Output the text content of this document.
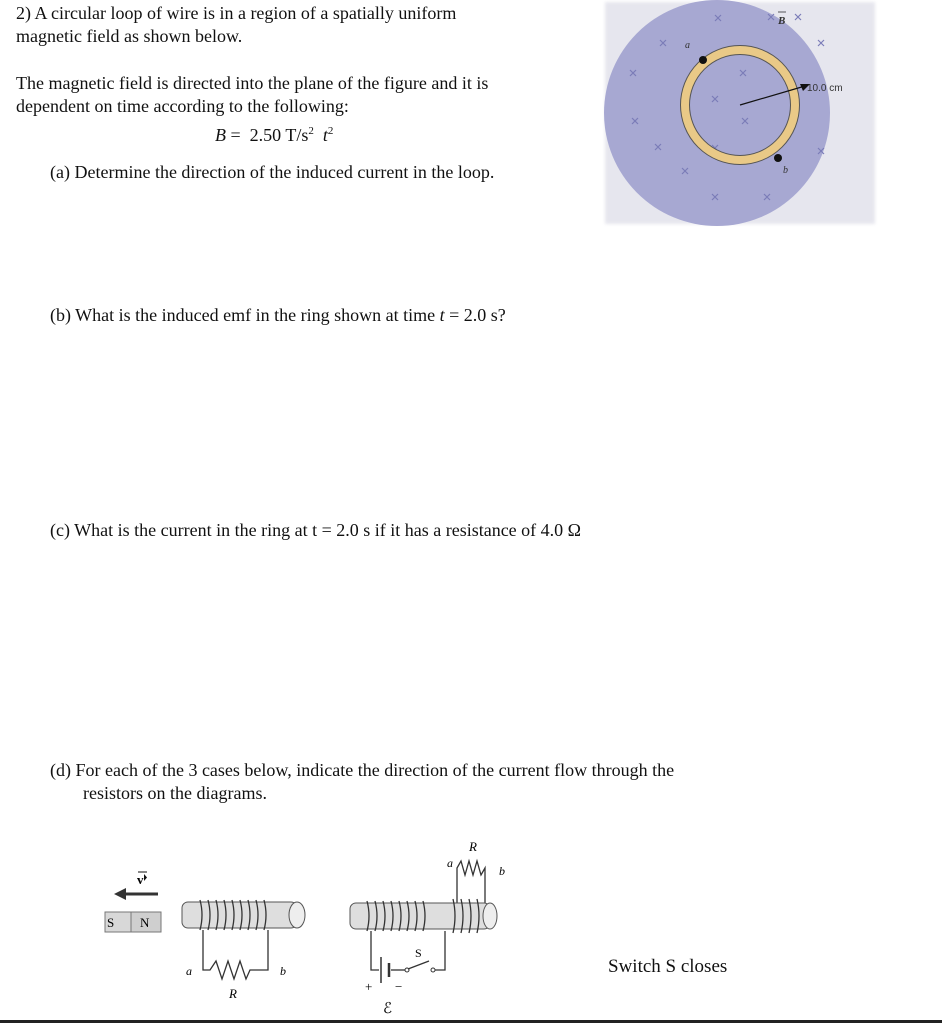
2) A circular loop of wire is in a region of a spatially uniform
magnetic field as shown below.
The magnetic field is directed into the plane of the figure and it is
dependent on time according to the following:
B = 2.50 $T/s^2$ $t^2$
(a) Determine the direction of the induced current in the loop.
(b) What is the induced emf in the ring shown at time t = 2.0 s?
(c) What is the current in the ring at t = 2.0 s if it has a resistance of 4.0 Ω
(d) For each of the 3 cases below, indicate the direction of the current flow through the
resistors on the diagrams.
a
b
B
10.0 cm
v
S N
a	b
R
R
a
b
S
+ −
ℰ
Switch S closes
